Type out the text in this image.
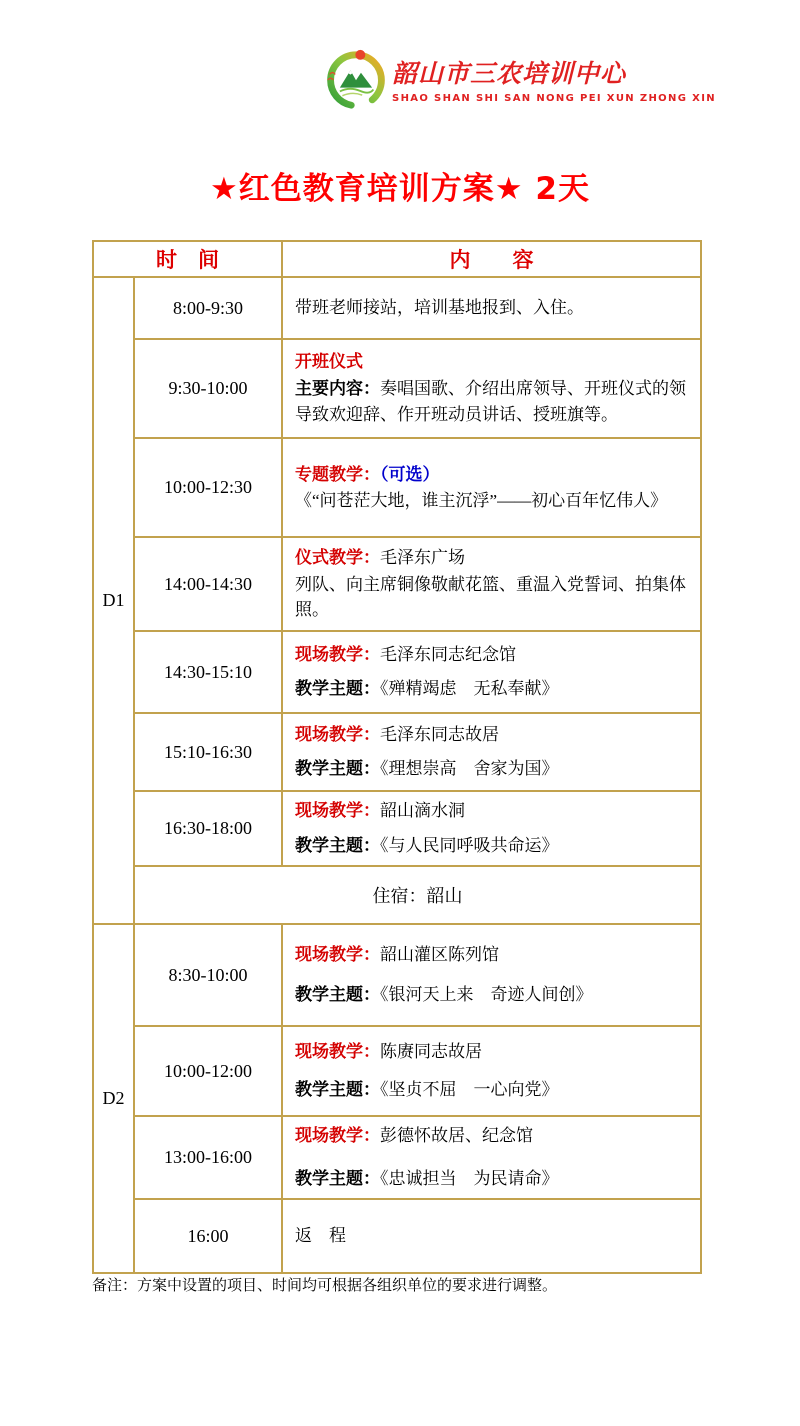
韶山市三农培训中心
SHAO SHAN SHI SAN NONG PEI XUN ZHONG XIN
★红色教育培训方案★ 2天
时　间		内　　容
D1	8:00-9:30	带班老师接站，培训基地报到、入住。

	9:30-10:00	开班仪式
主要内容：奏唱国歌、介绍出席领导、开班仪式的领导致欢迎辞、作开班动员讲话、授班旗等。

	10:00-12:30	专题教学：（可选）
《“问苍茫大地，谁主沉浮”——初心百年忆伟人》

	14:00-14:30	仪式教学：毛泽东广场
列队、向主席铜像敬献花篮、重温入党誓词、拍集体照。

	14:30-15:10	现场教学：毛泽东同志纪念馆
教学主题：《殚精竭虑　无私奉献》

	15:10-16:30	现场教学：毛泽东同志故居
教学主题：《理想崇高　舍家为国》

	16:30-18:00	现场教学：韶山滴水洞
教学主题：《与人民同呼吸共命运》

	住宿：韶山	
D2	8:30-10:00	现场教学：韶山灌区陈列馆
教学主题：《银河天上来　奇迹人间创》

	10:00-12:00	现场教学：陈赓同志故居
教学主题：《坚贞不屈　一心向党》

	13:00-16:00	现场教学：彭德怀故居、纪念馆
教学主题：《忠诚担当　为民请命》

	16:00	返　程
备注：方案中设置的项目、时间均可根据各组织单位的要求进行调整。
